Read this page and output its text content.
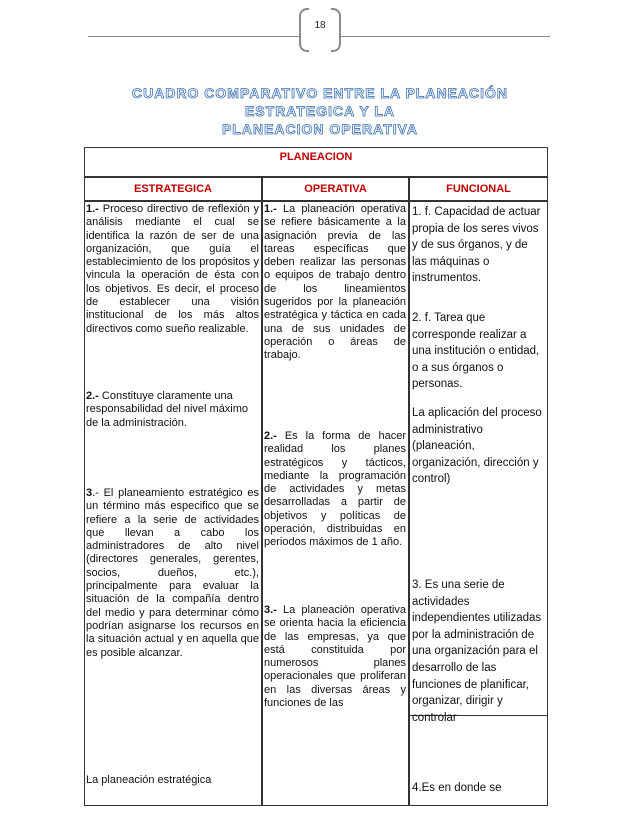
18
CUADRO COMPARATIVO ENTRE LA PLANEACIÓN ESTRATEGICA Y LA
PLANEACION OPERATIVA
PLANEACION
ESTRATEGICA	OPERATIVA	FUNCIONAL
1.- Proceso directivo de reflexión y análisis mediante el cual se identifica la razón de ser de una organización, que guía el establecimiento de los propósitos y vincula la operación de ésta con los objetivos. Es decir, el proceso de establecer una visión institucional de los más altos directivos como sueño realizable.
2.- Constituye claramente una responsabilidad del nivel máximo de la administración.
3.- El planeamiento estratégico es un término más especifico que se refiere a la serie de actividades que llevan a cabo los administradores de alto nivel (directores generales, gerentes, socios, dueños, etc.), principalmente para evaluar la situación de la compañía dentro del medio y para determinar cómo podrían asignarse los recursos en la situación actual y en aquella que es posible alcanzar.
La planeación estratégica
1.- La planeación operativa se refiere básicamente a la asignación previa de las tareas específicas que deben realizar las personas o equipos de trabajo dentro de los lineamientos sugeridos por la planeación estratégica y táctica en cada una de sus unidades de operación o áreas de trabajo.
2.- Es la forma de hacer realidad los planes estratégicos y tácticos, mediante la programación de actividades y metas desarrolladas a partir de objetivos y políticas de operación, distribuidas en periodos máximos de 1 año.
3.- La planeación operativa se orienta hacia la eficiencia de las empresas, ya que está constituida por numerosos planes operacionales que proliferan en las diversas áreas y funciones de las
1. f. Capacidad de actuar propia de los seres vivos y de sus órganos, y de las máquinas o instrumentos.
2. f. Tarea que corresponde realizar a una institución o entidad, o a sus órganos o personas.
La aplicación del proceso administrativo (planeación, organización, dirección y control)
3. Es una serie de actividades independientes utilizadas por la administración de una organización para el desarrollo de las funciones de planificar, organizar, dirigir y controlar
4.Es en donde se
